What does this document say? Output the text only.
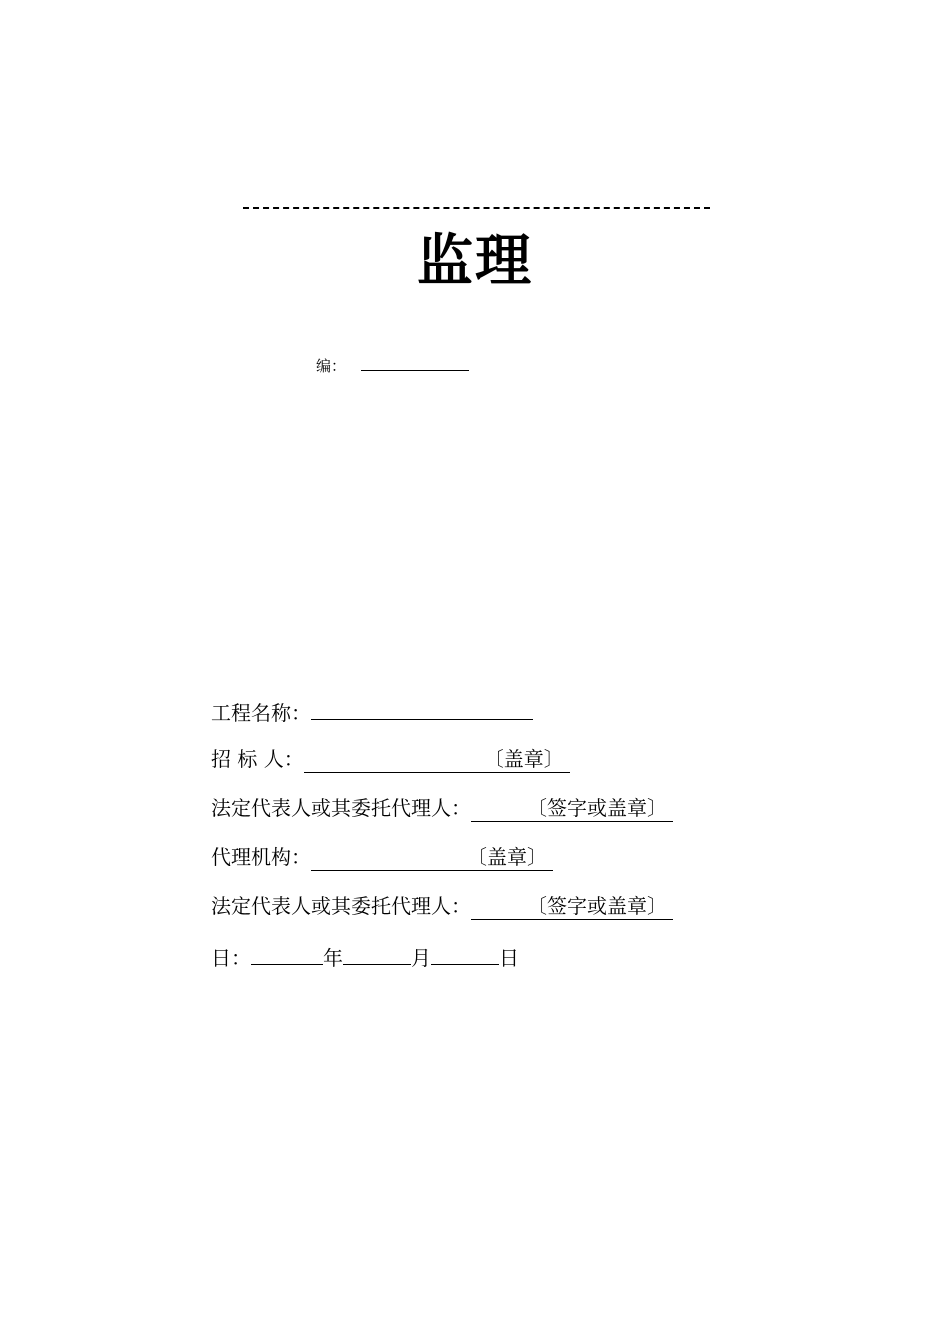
监理
编：
工程名称：
招 标 人：	〔盖章〕
法定代表人或其委托代理人：	〔签字或盖章〕
代理机构：	〔盖章〕
法定代表人或其委托代理人：	〔签字或盖章〕
日：	年	月	日
